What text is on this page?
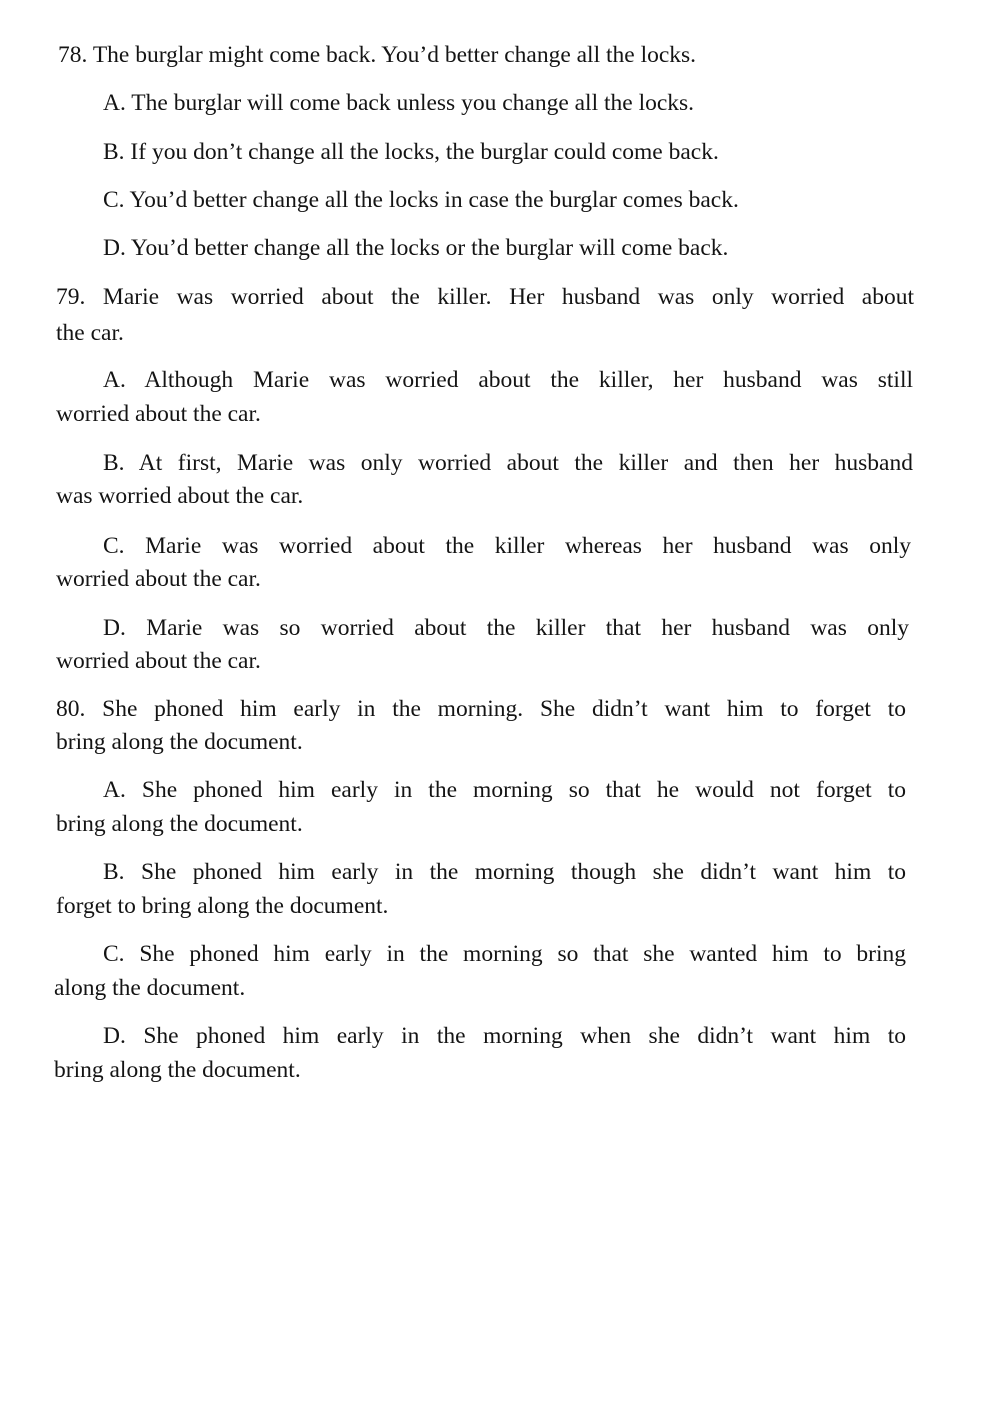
78. The burglar might come back. You’d better change all the locks.
A. The burglar will come back unless you change all the locks.
B. If you don’t change all the locks, the burglar could come back.
C. You’d better change all the locks in case the burglar comes back.
D. You’d better change all the locks or the burglar will come back.
79. Marie was worried about the killer. Her husband was only worried about
the car.
A. Although Marie was worried about the killer, her husband was still
worried about the car.
B. At first, Marie was only worried about the killer and then her husband
was worried about the car.
C. Marie was worried about the killer whereas her husband was only
worried about the car.
D. Marie was so worried about the killer that her husband was only
worried about the car.
80. She phoned him early in the morning. She didn’t want him to forget to
bring along the document.
A. She phoned him early in the morning so that he would not forget to
bring along the document.
B. She phoned him early in the morning though she didn’t want him to
forget to bring along the document.
C. She phoned him early in the morning so that she wanted him to bring
along the document.
D. She phoned him early in the morning when she didn’t want him to
bring along the document.
